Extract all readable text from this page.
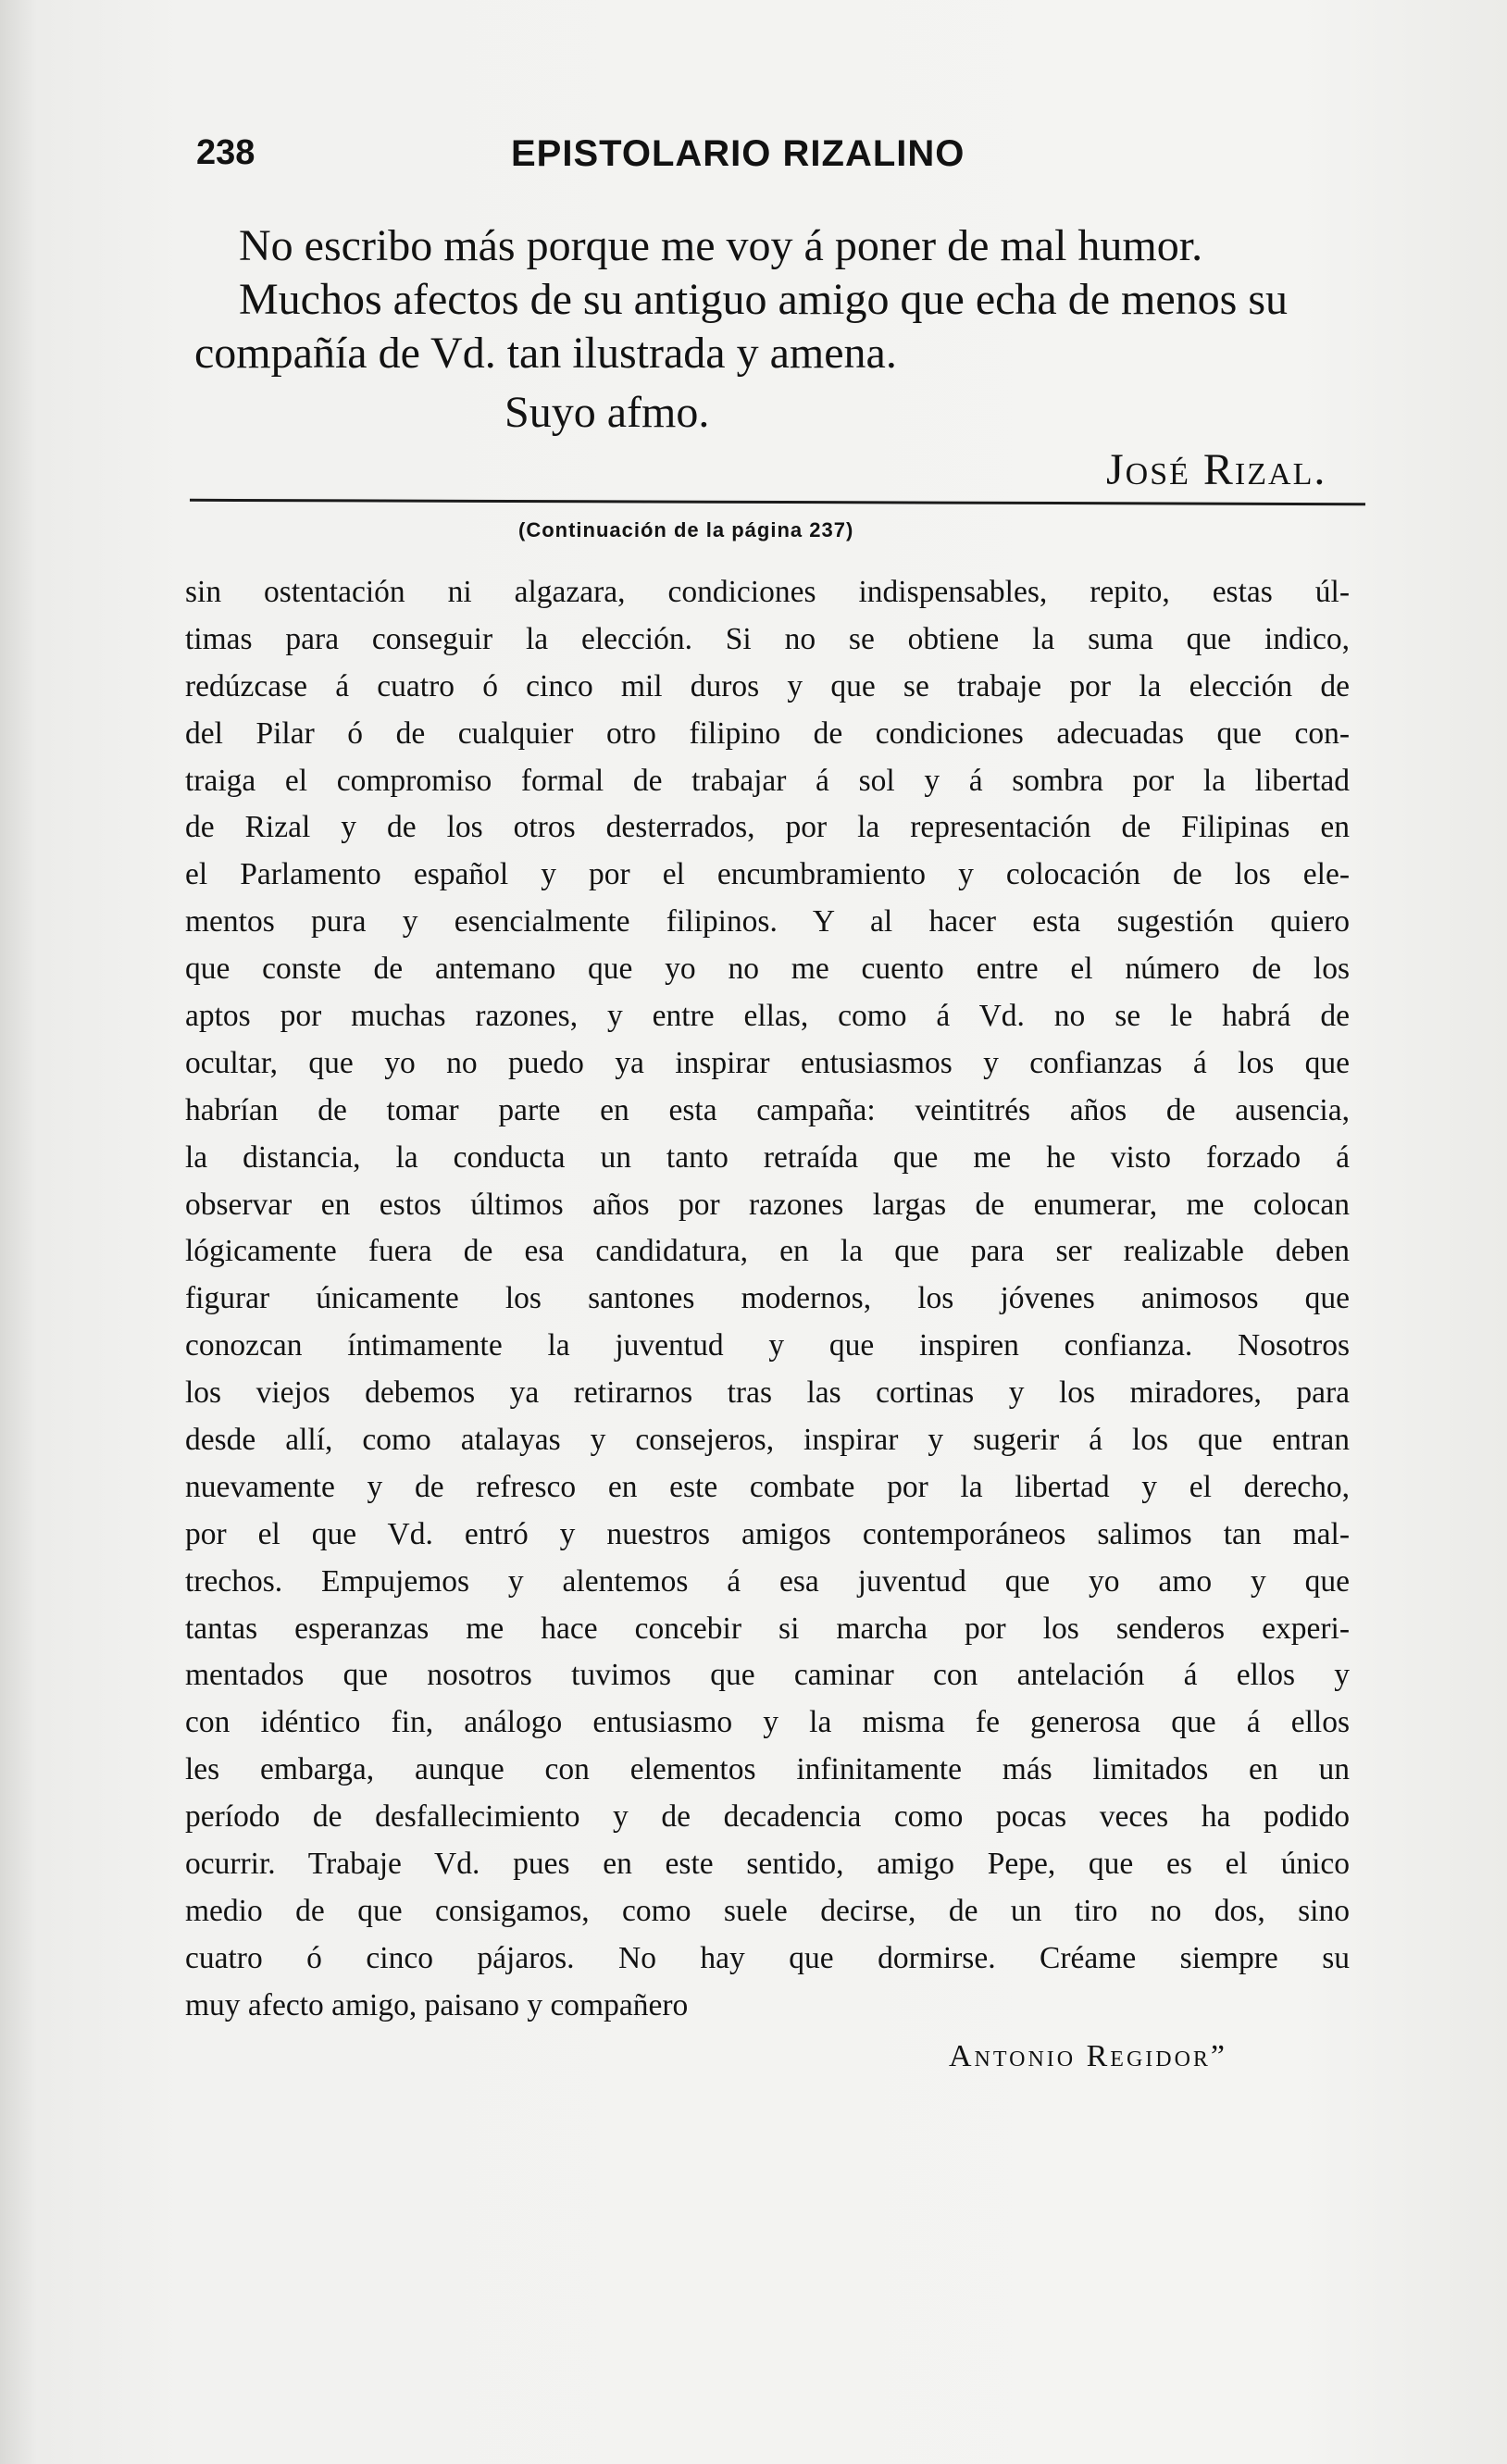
238	EPISTOLARIO RIZALINO
No escribo más porque me voy á poner de mal humor.
Muchos afectos de su antiguo amigo que echa de menos su
compañía de Vd. tan ilustrada y amena.
Suyo afmo.
José Rizal.
(Continuación de la página 237)
sin ostentación ni algazara, condiciones indispensables, repito, estas úl-
timas para conseguir la elección. Si no se obtiene la suma que indico,
redúzcase á cuatro ó cinco mil duros y que se trabaje por la elección de
del Pilar ó de cualquier otro filipino de condiciones adecuadas que con-
traiga el compromiso formal de trabajar á sol y á sombra por la libertad
de Rizal y de los otros desterrados, por la representación de Filipinas en
el Parlamento español y por el encumbramiento y colocación de los ele-
mentos pura y esencialmente filipinos. Y al hacer esta sugestión quiero
que conste de antemano que yo no me cuento entre el número de los
aptos por muchas razones, y entre ellas, como á Vd. no se le habrá de
ocultar, que yo no puedo ya inspirar entusiasmos y confianzas á los que
habrían de tomar parte en esta campaña: veintitrés años de ausencia,
la distancia, la conducta un tanto retraída que me he visto forzado á
observar en estos últimos años por razones largas de enumerar, me colocan
lógicamente fuera de esa candidatura, en la que para ser realizable deben
figurar únicamente los santones modernos, los jóvenes animosos que
conozcan íntimamente la juventud y que inspiren confianza. Nosotros
los viejos debemos ya retirarnos tras las cortinas y los miradores, para
desde allí, como atalayas y consejeros, inspirar y sugerir á los que entran
nuevamente y de refresco en este combate por la libertad y el derecho,
por el que Vd. entró y nuestros amigos contemporáneos salimos tan mal-
trechos. Empujemos y alentemos á esa juventud que yo amo y que
tantas esperanzas me hace concebir si marcha por los senderos experi-
mentados que nosotros tuvimos que caminar con antelación á ellos y
con idéntico fin, análogo entusiasmo y la misma fe generosa que á ellos
les embarga, aunque con elementos infinitamente más limitados en un
período de desfallecimiento y de decadencia como pocas veces ha podido
ocurrir. Trabaje Vd. pues en este sentido, amigo Pepe, que es el único
medio de que consigamos, como suele decirse, de un tiro no dos, sino
cuatro ó cinco pájaros. No hay que dormirse. Créame siempre su
muy afecto amigo, paisano y compañero
Antonio Regidor”
